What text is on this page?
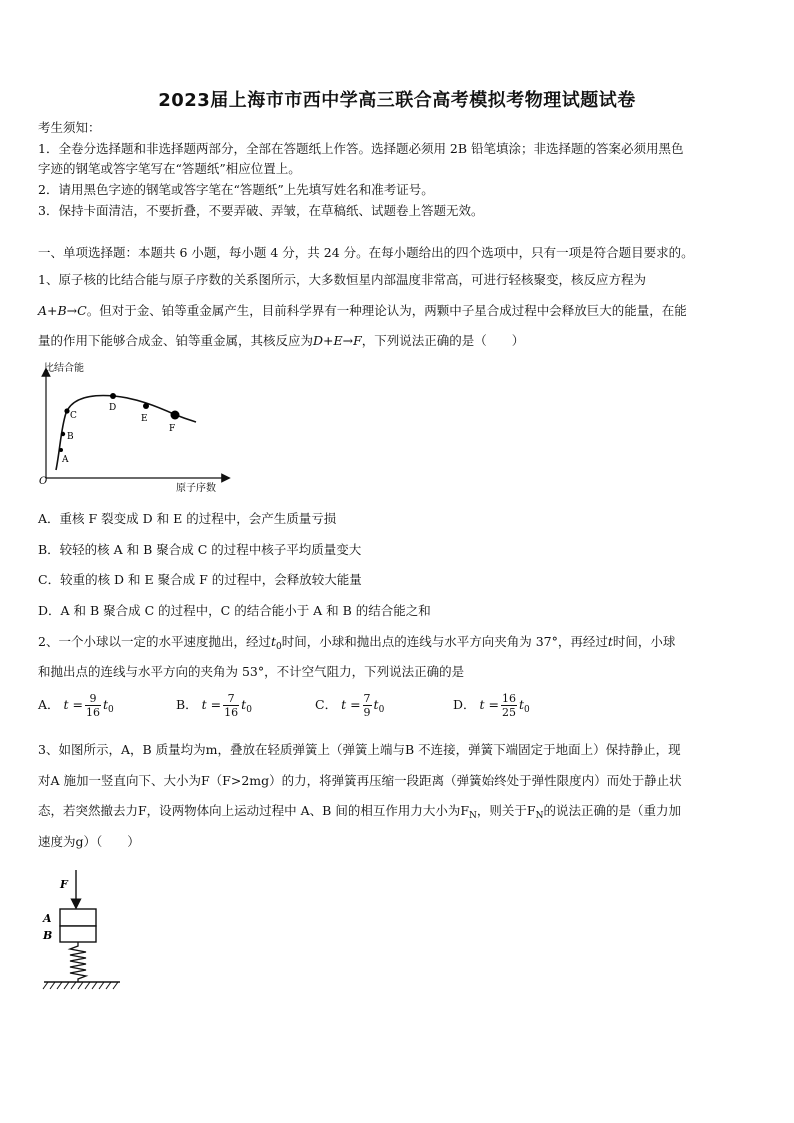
2023届上海市市西中学高三联合高考模拟考物理试题试卷
考生须知：
1．全卷分选择题和非选择题两部分，全部在答题纸上作答。选择题必须用 2B 铅笔填涂；非选择题的答案必须用黑色
字迹的钢笔或答字笔写在“答题纸”相应位置上。
2．请用黑色字迹的钢笔或答字笔在“答题纸”上先填写姓名和准考证号。
3．保持卡面清洁，不要折叠，不要弄破、弄皱，在草稿纸、试题卷上答题无效。
一、单项选择题：本题共 6 小题，每小题 4 分，共 24 分。在每小题给出的四个选项中，只有一项是符合题目要求的。
1、原子核的比结合能与原子序数的关系图所示，大多数恒星内部温度非常高，可进行轻核聚变，核反应方程为
A+B→C。但对于金、铂等重金属产生，目前科学界有一种理论认为，两颗中子星合成过程中会释放巨大的能量，在能
量的作用下能够合成金、铂等重金属，其核反应为D+E→F，下列说法正确的是（　　）
比结合能
原子序数
O
A
B
C
D
E
F
A．重核 F 裂变成 D 和 E 的过程中，会产生质量亏损
B．较轻的核 A 和 B 聚合成 C 的过程中核子平均质量变大
C．较重的核 D 和 E 聚合成 F 的过程中，会释放较大能量
D．A 和 B 聚合成 C 的过程中，C 的结合能小于 A 和 B 的结合能之和
2、一个小球以一定的水平速度抛出，经过$t_0$时间，小球和抛出点的连线与水平方向夹角为 37°，再经过t时间，小球
和抛出点的连线与水平方向的夹角为 53°，不计空气阻力，下列说法正确的是
A． $t = \frac{9}{16} t_0$	B． $t = \frac{7}{16} t_0$	C． $t = \frac{7}{9} t_0$	D． $t = \frac{16}{25} t_0$
3、如图所示，A，B 质量均为m，叠放在轻质弹簧上（弹簧上端与B 不连接，弹簧下端固定于地面上）保持静止，现
对A 施加一竖直向下、大小为F（F>2mg）的力，将弹簧再压缩一段距离（弹簧始终处于弹性限度内）而处于静止状
态，若突然撤去力F，设两物体向上运动过程中 A、B 间的相互作用力大小为$F_N$，则关于$F_N$的说法正确的是（重力加
速度为g）（　　）
F
A
B
